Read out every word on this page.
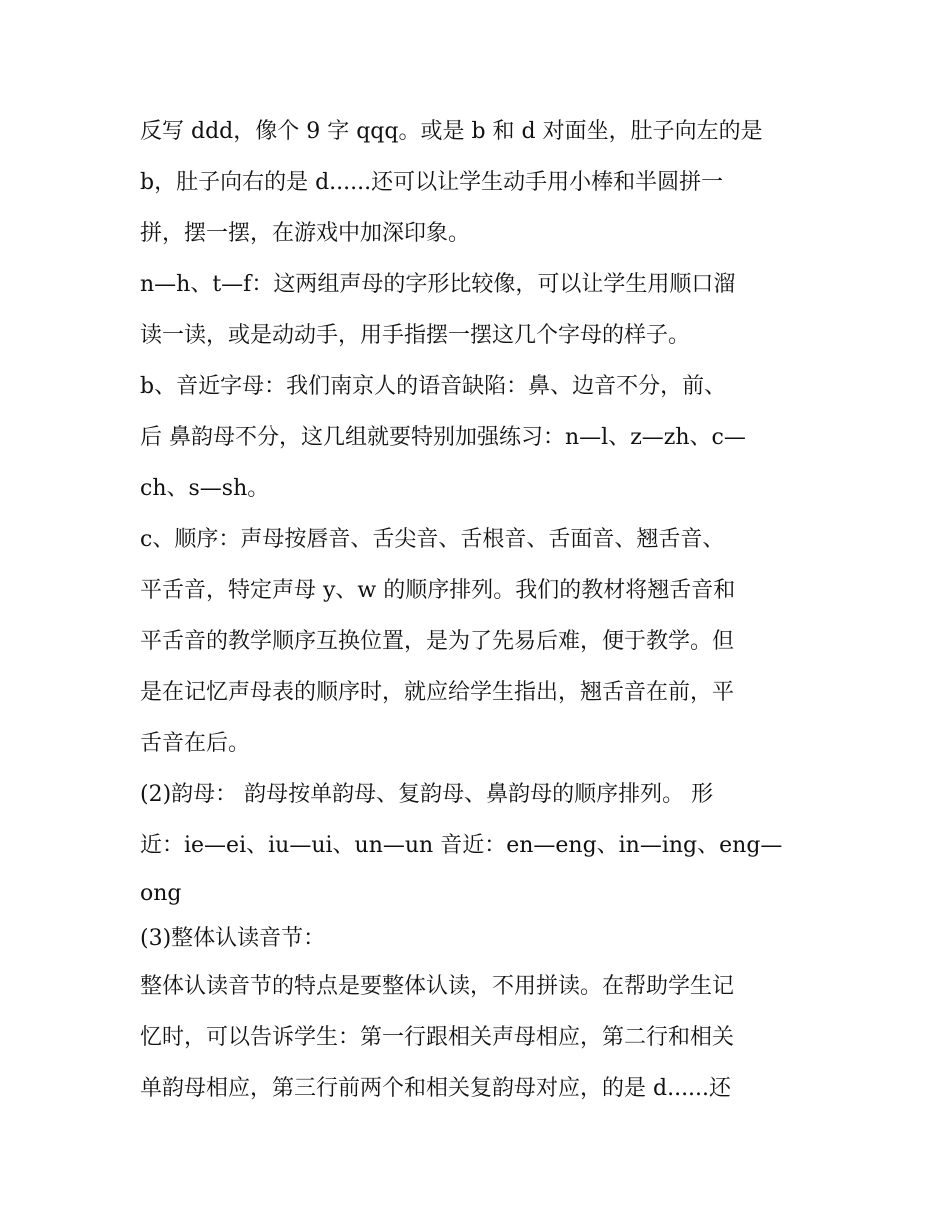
反写 ddd，像个 9 字 qqq。或是 b 和 d 对面坐，肚子向左的是
b，肚子向右的是 d......还可以让学生动手用小棒和半圆拼一
拼，摆一摆，在游戏中加深印象。
n—h、t—f：这两组声母的字形比较像，可以让学生用顺口溜
读一读，或是动动手，用手指摆一摆这几个字母的样子。
b、音近字母：我们南京人的语音缺陷：鼻、边音不分，前、
后 鼻韵母不分，这几组就要特别加强练习：n—l、z—zh、c—
ch、s—sh。
c、顺序：声母按唇音、舌尖音、舌根音、舌面音、翘舌音、
平舌音，特定声母 y、w 的顺序排列。我们的教材将翘舌音和
平舌音的教学顺序互换位置，是为了先易后难，便于教学。但
是在记忆声母表的顺序时，就应给学生指出，翘舌音在前，平
舌音在后。
(2)韵母： 韵母按单韵母、复韵母、鼻韵母的顺序排列。 形
近：ie—ei、iu—ui、un—un 音近：en—eng、in—ing、eng—
ong
(3)整体认读音节：
整体认读音节的特点是要整体认读，不用拼读。在帮助学生记
忆时，可以告诉学生：第一行跟相关声母相应，第二行和相关
单韵母相应，第三行前两个和相关复韵母对应，的是 d......还
